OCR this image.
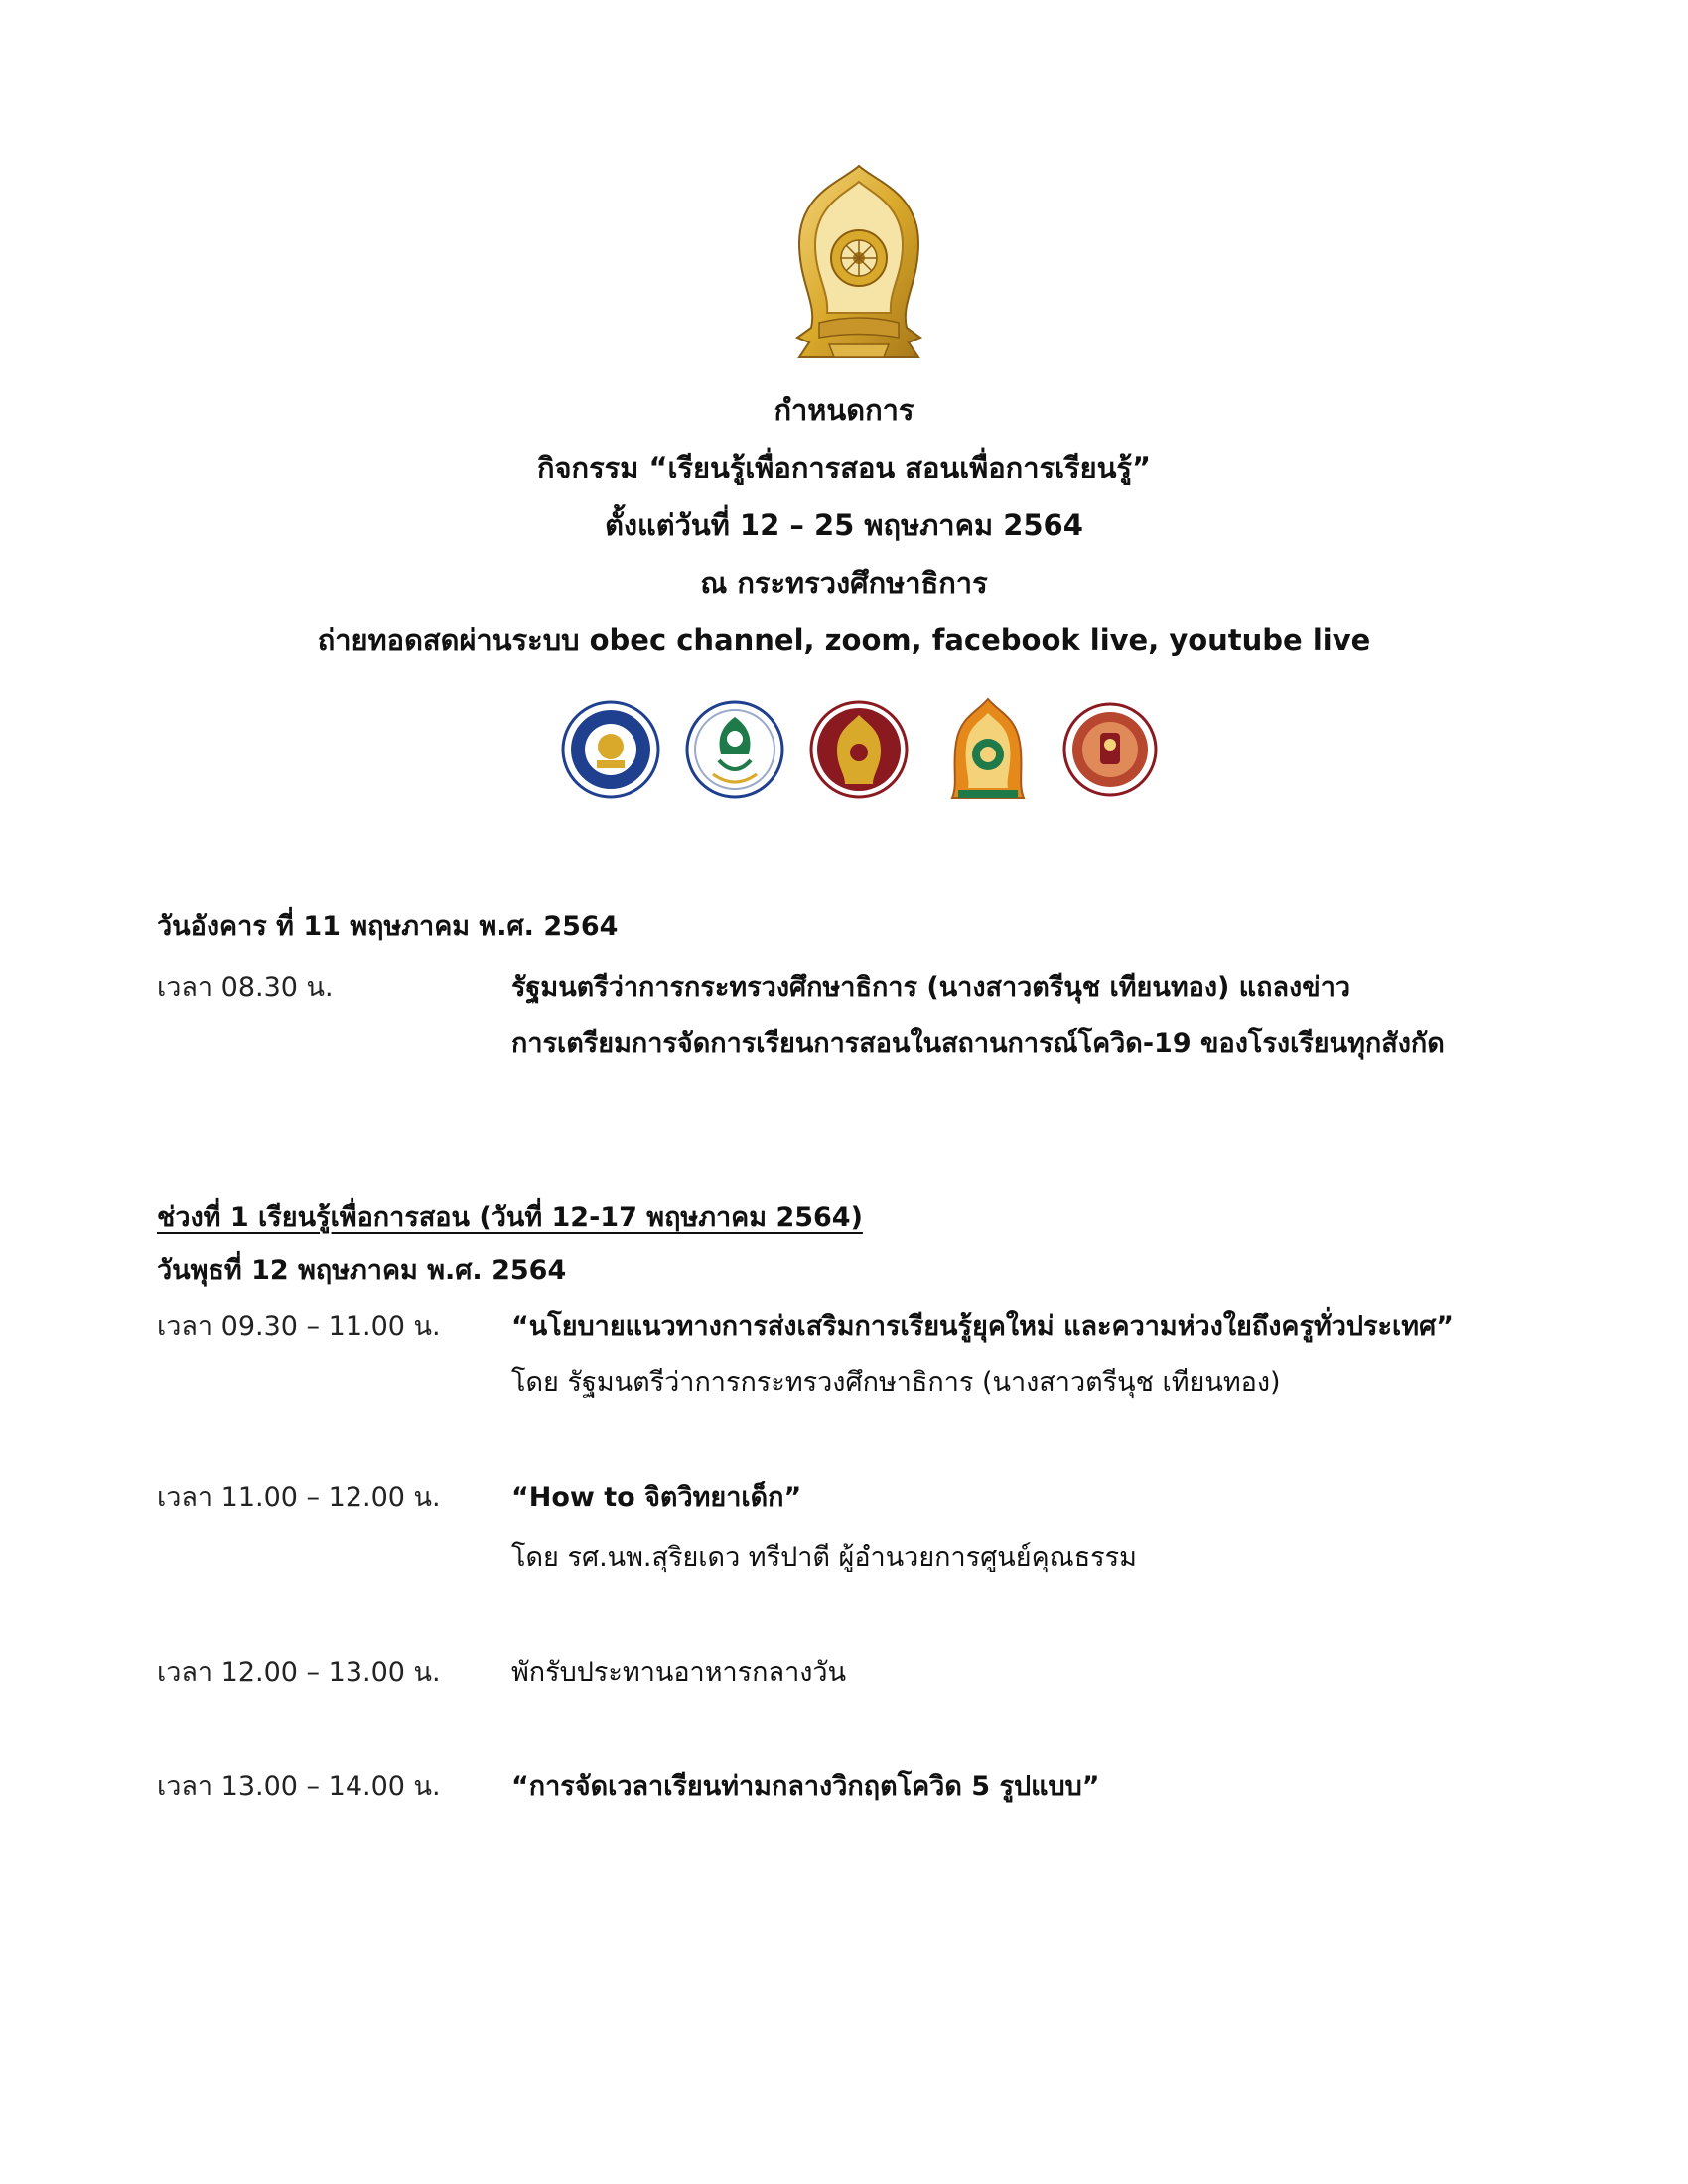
กำหนดการ
กิจกรรม “เรียนรู้เพื่อการสอน สอนเพื่อการเรียนรู้”
ตั้งแต่วันที่ 12 – 25 พฤษภาคม 2564
ณ กระทรวงศึกษาธิการ
ถ่ายทอดสดผ่านระบบ obec channel, zoom, facebook live, youtube live
วันอังคาร ที่ 11 พฤษภาคม พ.ศ. 2564
เวลา 08.30 น.	รัฐมนตรีว่าการกระทรวงศึกษาธิการ (นางสาวตรีนุช เทียนทอง) แถลงข่าว
การเตรียมการจัดการเรียนการสอนในสถานการณ์โควิด-19 ของโรงเรียนทุกสังกัด
ช่วงที่ 1 เรียนรู้เพื่อการสอน (วันที่ 12-17 พฤษภาคม 2564)
วันพุธที่ 12 พฤษภาคม พ.ศ. 2564
เวลา 09.30 – 11.00 น.	“นโยบายแนวทางการส่งเสริมการเรียนรู้ยุคใหม่ และความห่วงใยถึงครูทั่วประเทศ”
โดย รัฐมนตรีว่าการกระทรวงศึกษาธิการ (นางสาวตรีนุช เทียนทอง)
เวลา 11.00 – 12.00 น.	“How to จิตวิทยาเด็ก”
โดย รศ.นพ.สุริยเดว ทรีปาตี ผู้อำนวยการศูนย์คุณธรรม
เวลา 12.00 – 13.00 น.	พักรับประทานอาหารกลางวัน
เวลา 13.00 – 14.00 น.	“การจัดเวลาเรียนท่ามกลางวิกฤตโควิด 5 รูปแบบ”
